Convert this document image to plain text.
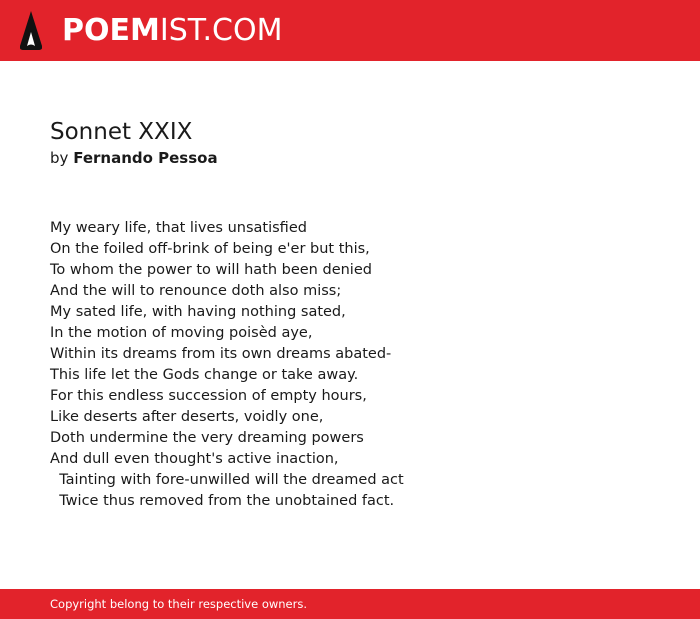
POEMIST.COM
Sonnet XXIX
by Fernando Pessoa
My weary life, that lives unsatisfied
On the foiled off-brink of being e'er but this,
To whom the power to will hath been denied
And the will to renounce doth also miss;
My sated life, with having nothing sated,
In the motion of moving poisèd aye,
Within its dreams from its own dreams abated-
This life let the Gods change or take away.
For this endless succession of empty hours,
Like deserts after deserts, voidly one,
Doth undermine the very dreaming powers
And dull even thought's active inaction,
Tainting with fore-unwilled will the dreamed act
Twice thus removed from the unobtained fact.
Copyright belong to their respective owners.
